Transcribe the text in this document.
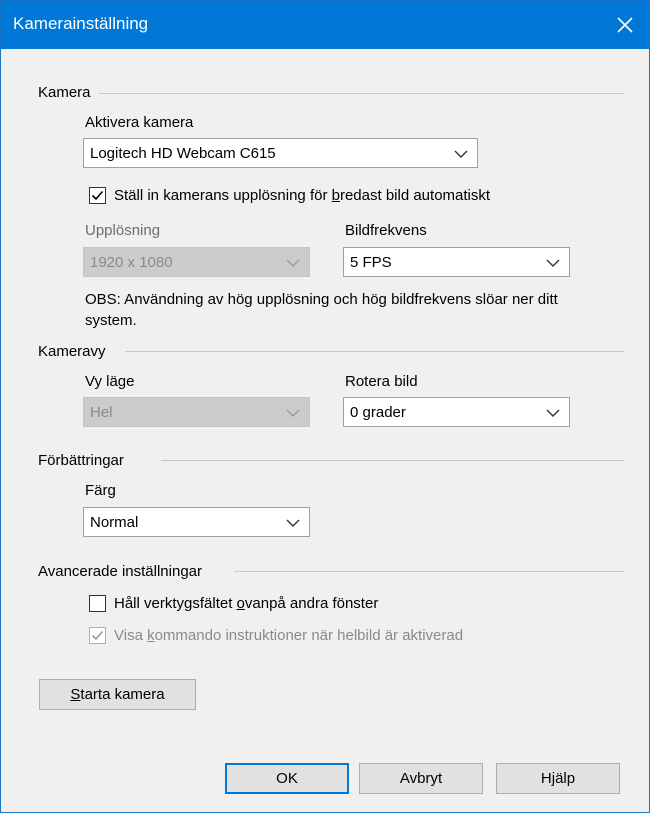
Kamerainställning
Kamera
Aktivera kamera
Logitech HD Webcam C615
Ställ in kamerans upplösning för bredast bild automatiskt
Upplösning
1920 x 1080
Bildfrekvens
5 FPS
OBS: Användning av hög upplösning och hög bildfrekvens slöar ner ditt system.
Kameravy
Vy läge
Hel
Rotera bild
0 grader
Förbättringar
Färg
Normal
Avancerade inställningar
Håll verktygsfältet ovanpå andra fönster
Visa kommando instruktioner när helbild är aktiverad
S tarta kamera
OK	Avbryt	Hjälp
